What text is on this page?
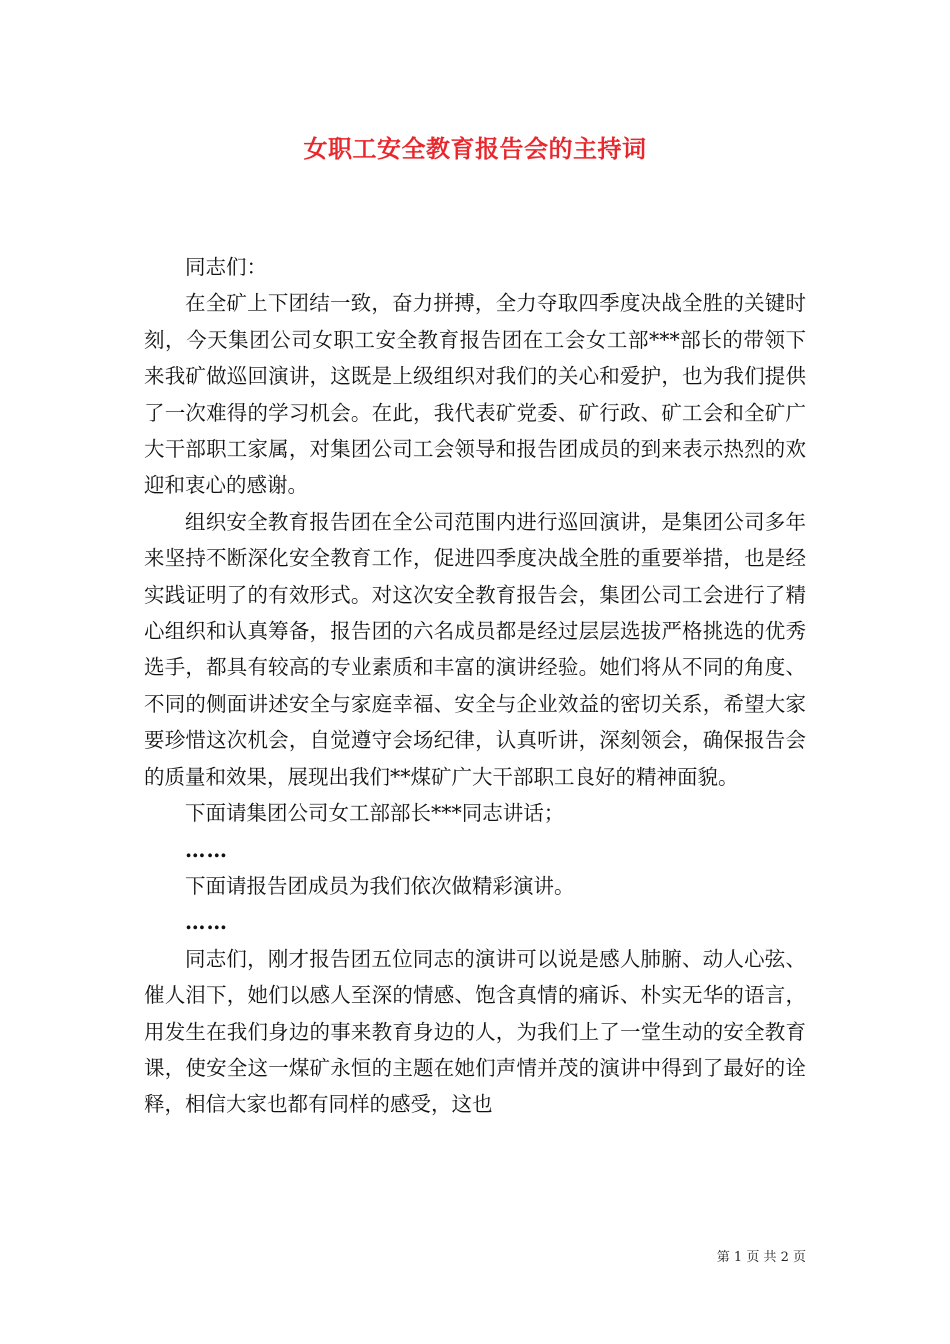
女职工安全教育报告会的主持词

同志们：

在全矿上下团结一致，奋力拼搏，全力夺取四季度决战全胜的关键时刻，今天集团公司女职工安全教育报告团在工会女工部***部长的带领下来我矿做巡回演讲，这既是上级组织对我们的关心和爱护，也为我们提供了一次难得的学习机会。在此，我代表矿党委、矿行政、矿工会和全矿广大干部职工家属，对集团公司工会领导和报告团成员的到来表示热烈的欢迎和衷心的感谢。

组织安全教育报告团在全公司范围内进行巡回演讲，是集团公司多年来坚持不断深化安全教育工作，促进四季度决战全胜的重要举措，也是经实践证明了的有效形式。对这次安全教育报告会，集团公司工会进行了精心组织和认真筹备，报告团的六名成员都是经过层层选拔严格挑选的优秀选手，都具有较高的专业素质和丰富的演讲经验。她们将从不同的角度、不同的侧面讲述安全与家庭幸福、安全与企业效益的密切关系，希望大家要珍惜这次机会，自觉遵守会场纪律，认真听讲，深刻领会，确保报告会的质量和效果，展现出我们**煤矿广大干部职工良好的精神面貌。

下面请集团公司女工部部长***同志讲话；

……

下面请报告团成员为我们依次做精彩演讲。

……

同志们，刚才报告团五位同志的演讲可以说是感人肺腑、动人心弦、催人泪下，她们以感人至深的情感、饱含真情的痛诉、朴实无华的语言，用发生在我们身边的事来教育身边的人，为我们上了一堂生动的安全教育课，使安全这一煤矿永恒的主题在她们声情并茂的演讲中得到了最好的诠释，相信大家也都有同样的感受，这也

第 1 页 共 2 页
